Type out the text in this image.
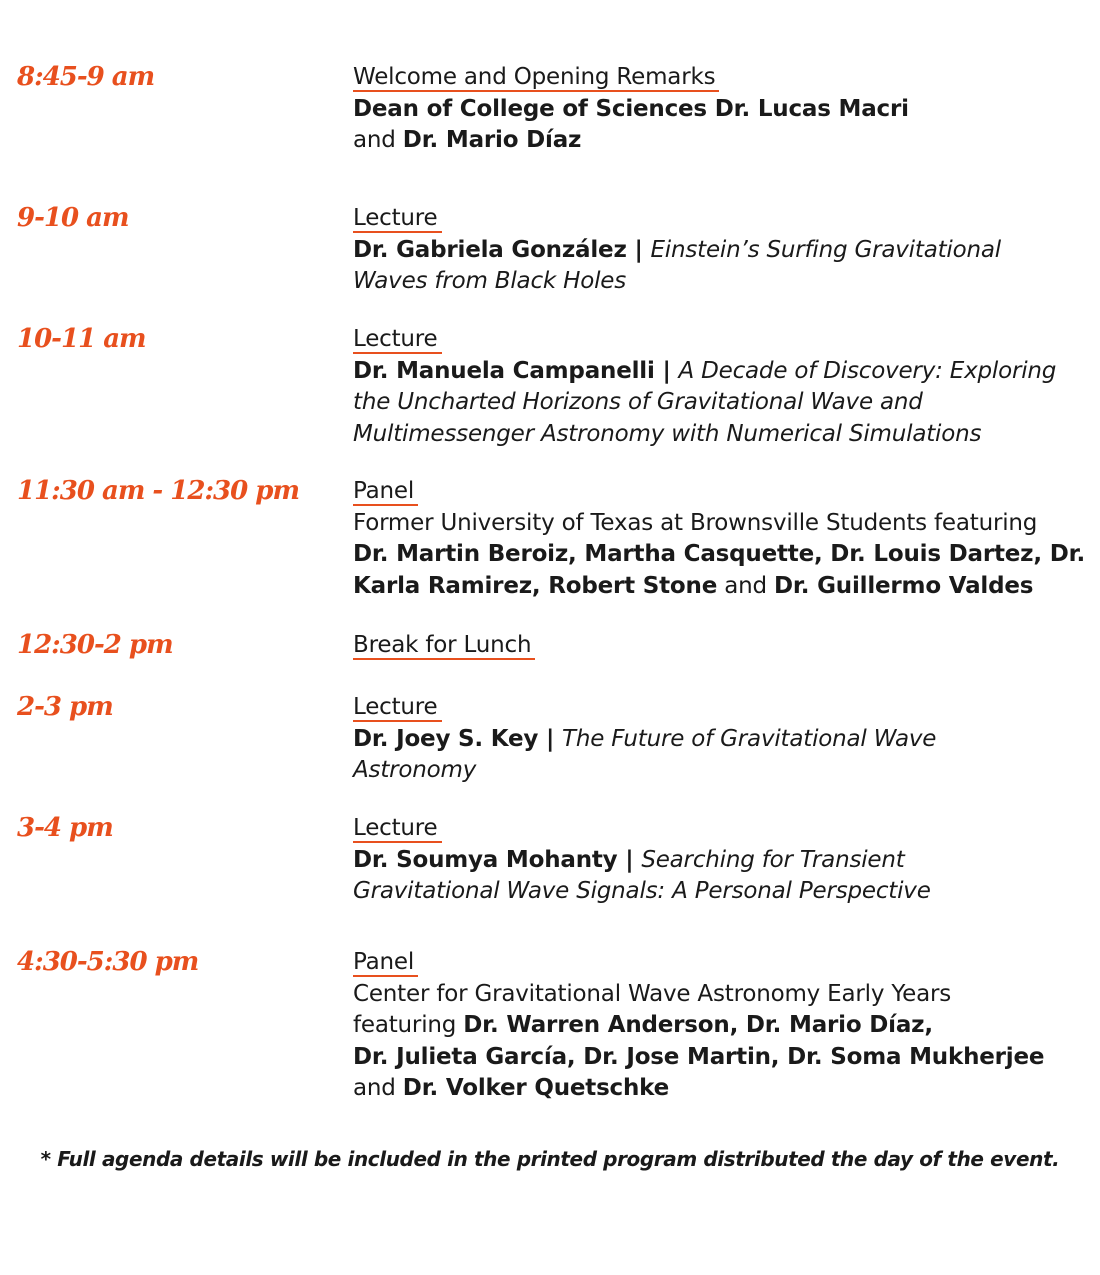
8:45-9 am	Welcome and Opening Remarks
Dean of College of Sciences Dr. Lucas Macri
and Dr. Mario Díaz
9-10 am	Lecture
Dr. Gabriela González | Einstein’s Surfing Gravitational
Waves from Black Holes
10-11 am	Lecture
Dr. Manuela Campanelli | A Decade of Discovery: Exploring
the Uncharted Horizons of Gravitational Wave and
Multimessenger Astronomy with Numerical Simulations
11:30 am - 12:30 pm Panel
Former University of Texas at Brownsville Students featuring
Dr. Martin Beroiz, Martha Casquette, Dr. Louis Dartez, Dr.
Karla Ramirez, Robert Stone and Dr. Guillermo Valdes
12:30-2 pm	Break for Lunch
2-3 pm	Lecture
Dr. Joey S. Key | The Future of Gravitational Wave
Astronomy
3-4 pm	Lecture
Dr. Soumya Mohanty | Searching for Transient
Gravitational Wave Signals: A Personal Perspective
4:30-5:30 pm	Panel
Center for Gravitational Wave Astronomy Early Years
featuring Dr. Warren Anderson, Dr. Mario Díaz,
Dr. Julieta García, Dr. Jose Martin, Dr. Soma Mukherjee
and Dr. Volker Quetschke
* Full agenda details will be included in the printed program distributed the day of the event.
